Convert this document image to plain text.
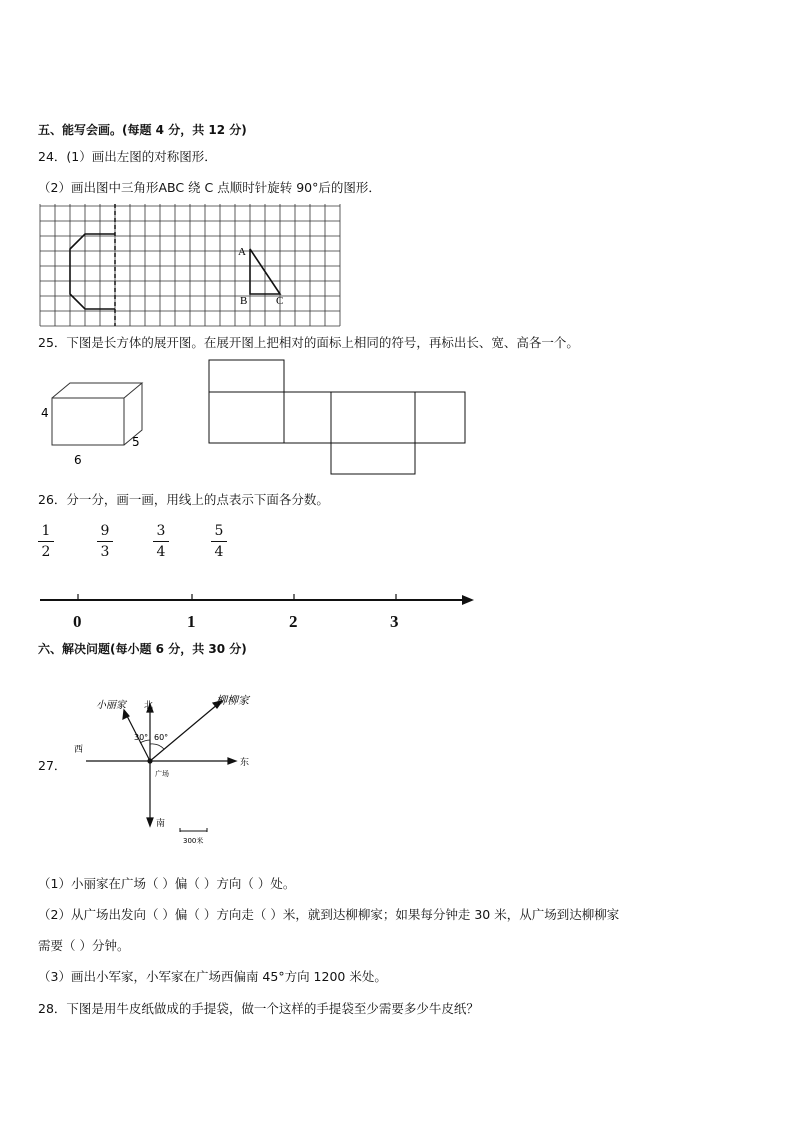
五、能写会画。(每题 4 分，共 12 分)
24．(1）画出左图的对称图形．
（2）画出图中三角形ABC 绕 C 点顺时针旋转 90°后的图形．
A
B	C
25．下图是长方体的展开图。在展开图上把相对的面标上相同的符号，再标出长、宽、高各一个。
4
5
6
26．分一分，画一画，用线上的点表示下面各分数。
1
2
9
3
3
4
5
4
0	1	2	3
六、解决问题(每小题 6 分，共 30 分)
27．
北
南
东
西
广场
300米
小丽家	柳柳家
30° 60°
（1）小丽家在广场（ ）偏（ ）方向（ ）处。
（2）从广场出发向（ ）偏（ ）方向走（ ）米，就到达柳柳家；如果每分钟走 30 米，从广场到达柳柳家
需要（ ）分钟。
（3）画出小军家，小军家在广场西偏南 45°方向 1200 米处。
28．下图是用牛皮纸做成的手提袋，做一个这样的手提袋至少需要多少牛皮纸？
